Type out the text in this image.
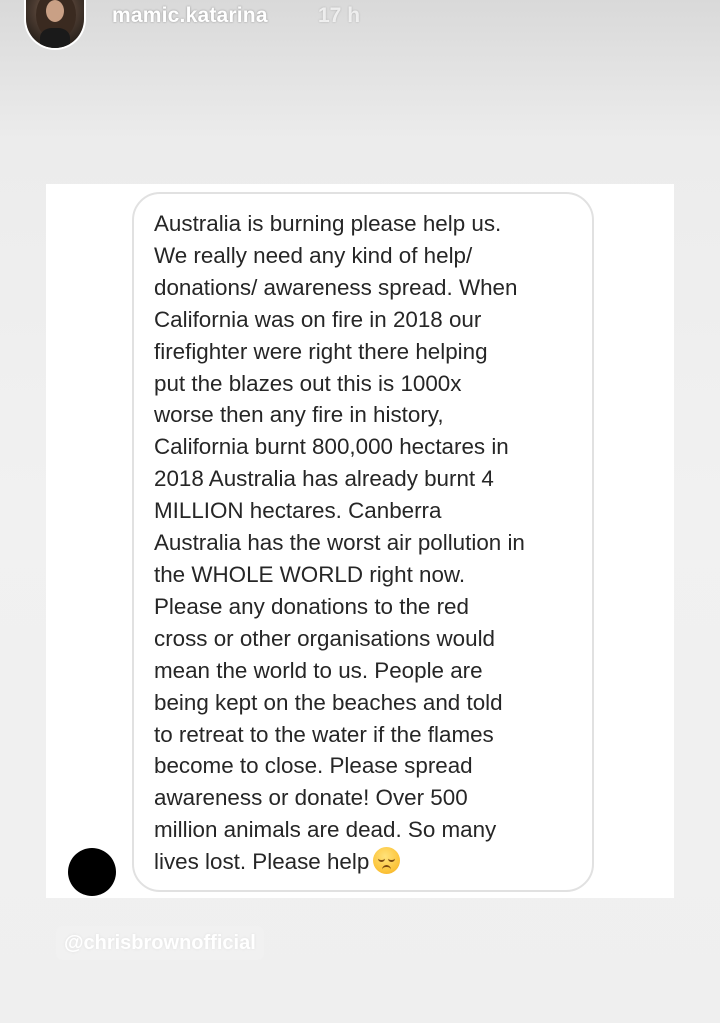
mamic.katarina 17 h

Australia is burning please help us.
We really need any kind of help/
donations/ awareness spread. When
California was on fire in 2018 our
firefighter were right there helping
put the blazes out this is 1000x
worse then any fire in history,
California burnt 800,000 hectares in
2018 Australia has already burnt 4
MILLION hectares. Canberra
Australia has the worst air pollution in
the WHOLE WORLD right now.
Please any donations to the red
cross or other organisations would
mean the world to us. People are
being kept on the beaches and told
to retreat to the water if the flames
become to close. Please spread
awareness or donate! Over 500
million animals are dead. So many
lives lost. Please help

@chrisbrownofficial
